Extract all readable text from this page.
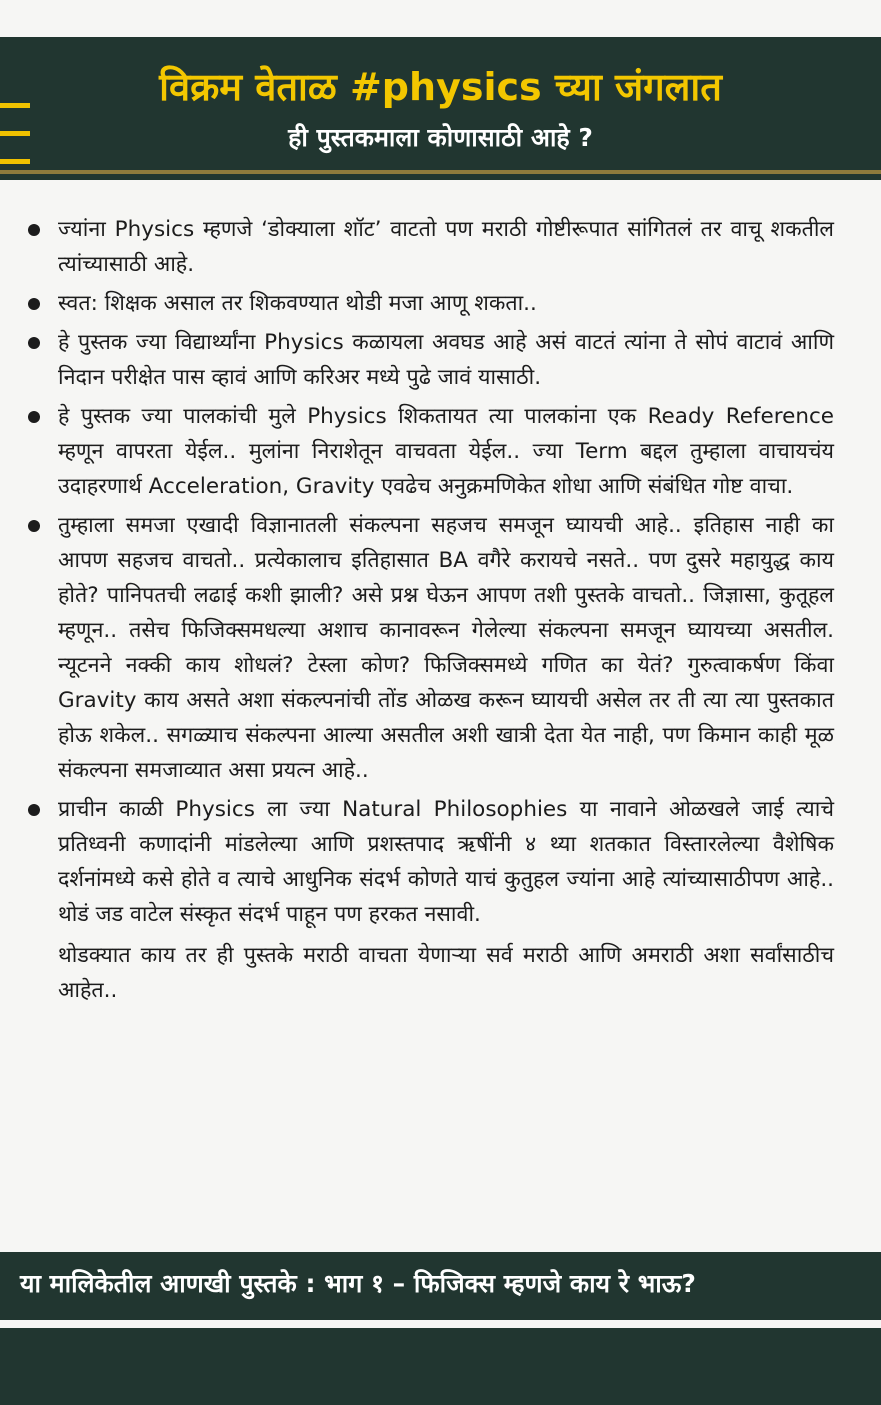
विक्रम वेताळ #physics च्या जंगलात
ही पुस्तकमाला कोणासाठी आहे ?

ज्यांना Physics म्हणजे ‘डोक्याला शॉट’ वाटतो पण मराठी गोष्टीरूपात सांगितलं तर वाचू शकतील त्यांच्यासाठी आहे.

स्वत: शिक्षक असाल तर शिकवण्यात थोडी मजा आणू शकता..

हे पुस्तक ज्या विद्यार्थ्यांना Physics कळायला अवघड आहे असं वाटतं त्यांना ते सोपं वाटावं आणि निदान परीक्षेत पास व्हावं आणि करिअर मध्ये पुढे जावं यासाठी.

हे पुस्तक ज्या पालकांची मुले Physics शिकतायत त्या पालकांना एक Ready Reference म्हणून वापरता येईल.. मुलांना निराशेतून वाचवता येईल.. ज्या Term बद्दल तुम्हाला वाचायचंय उदाहरणार्थ Acceleration, Gravity एवढेच अनुक्रमणिकेत शोधा आणि संबंधित गोष्ट वाचा.

तुम्हाला समजा एखादी विज्ञानातली संकल्पना सहजच समजून घ्यायची आहे.. इतिहास नाही का आपण सहजच वाचतो.. प्रत्येकालाच इतिहासात BA वगैरे करायचे नसते.. पण दुसरे महायुद्ध काय होते? पानिपतची लढाई कशी झाली? असे प्रश्न घेऊन आपण तशी पुस्तके वाचतो.. जिज्ञासा, कुतूहल म्हणून.. तसेच फिजिक्समधल्या अशाच कानावरून गेलेल्या संकल्पना समजून घ्यायच्या असतील. न्यूटनने नक्की काय शोधलं? टेस्ला कोण? फिजिक्समध्ये गणित का येतं? गुरुत्वाकर्षण किंवा Gravity काय असते अशा संकल्पनांची तोंड ओळख करून घ्यायची असेल तर ती त्या त्या पुस्तकात होऊ शकेल.. सगळ्याच संकल्पना आल्या असतील अशी खात्री देता येत नाही, पण किमान काही मूळ संकल्पना समजाव्यात असा प्रयत्न आहे..

प्राचीन काळी Physics ला ज्या Natural Philosophies या नावाने ओळखले जाई त्याचे प्रतिध्वनी कणादांनी मांडलेल्या आणि प्रशस्तपाद ऋषींनी ४ थ्या शतकात विस्तारलेल्या वैशेषिक दर्शनांमध्ये कसे होते व त्याचे आधुनिक संदर्भ कोणते याचं कुतुहल ज्यांना आहे त्यांच्यासाठीपण आहे.. थोडं जड वाटेल संस्कृत संदर्भ पाहून पण हरकत नसावी.

थोडक्यात काय तर ही पुस्तके मराठी वाचता येणाऱ्या सर्व मराठी आणि अमराठी अशा सर्वांसाठीच आहेत..

या मालिकेतील आणखी पुस्तके : भाग १ – फिजिक्स म्हणजे काय रे भाऊ?
